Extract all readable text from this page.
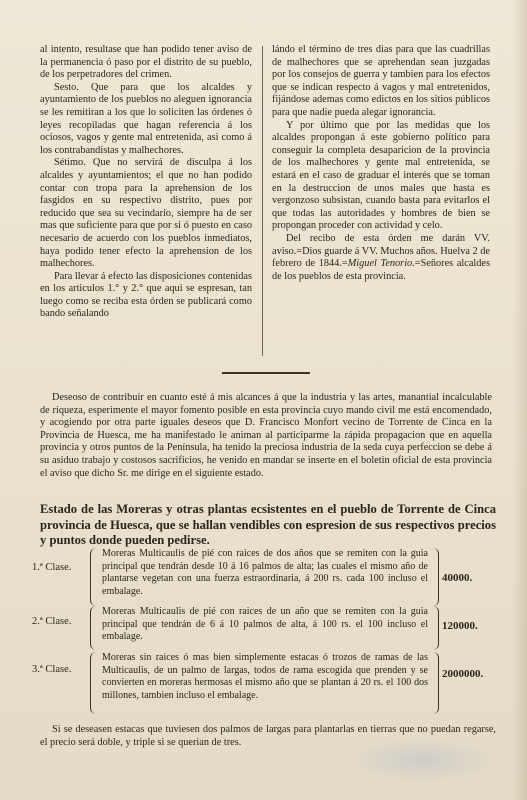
al intento, resultase que han podido tener aviso de la permanencia ó paso por el distrito de su pueblo, de los perpetradores del crimen.

Sesto. Que para que los alcaldes y ayuntamiento de los pueblos no aleguen ignorancia se les remitiran a los que lo soliciten las órdenes ó leyes recopiladas que hagan referencia á los ociosos, vagos y gente mal entretenida, asi como á los contrabandistas y malhechores.

Sétimo. Que no servirá de disculpa á los alcaldes y ayuntamientos; el que no han podido contar con tropa para la aprehension de los fasgidos en su respectivo distrito, pues por reducido que sea su vecindario, siempre ha de ser mas que suficiente para que por si ó puesto en caso necesario de acuerdo con los pueblos inmediatos, haya podido tener efecto la aprehension de los malhechores.

Para llevar á efecto las disposiciones contenidas en los articulos 1.° y 2.° que aqui se espresan, tan luego como se reciba esta órden se publicará como bando señalando

lándo el término de tres dias para que las cuadrillas de malhechores que se aprehendan sean juzgadas por los consejos de guerra y tambien para los efectos que se indican respecto á vagos y mal entretenidos, fijándose ademas como edictos en los sitios públicos para que nadie pueda alegar ignorancia.

Y por último que por las medidas que los alcaldes propongan á este gobierno político para conseguir la completa desaparicion de la provincia de los malhechores y gente mal entretenida, se estará en el caso de graduar el interés que se toman en la destruccion de unos males que hasta es vergonzoso subsistan, cuando basta para evitarlos el que todas las autoridades y hombres de bien se propongan proceder con actividad y celo.

Del recibo de esta órden me darán VV. aviso.=Dios guarde á VV. Muchos años. Huelva 2 de febrero de 1844.=Miguel Tenorio.=Señores alcaldes de los pueblos de esta provincia.

Deseoso de contribuir en cuanto esté á mis alcances á que la industria y las artes, manantial incalculable de riqueza, esperimente el mayor fomento posible en esta provincia cuyo mando civil me está encomendado, y acogiendo por otra parte iguales deseos que D. Francisco Monfort vecino de Torrente de Cinca en la Provincia de Huesca, me ha manifestado le animan al participarme la rápida propagacion que en aquella provincia y otros puntos de la Península, ha tenido la preciosa industria de la seda cuya perfeccion se debe á su asiduo trabajo y costosos sacrificios, he venido en mandar se inserte en el boletin oficial de esta provincia el aviso que dicho Sr. me dirige en el siguiente estado.

Estado de las Moreras y otras plantas ecsistentes en el pueblo de Torrente de Cinca provincia de Huesca, que se hallan vendibles con espresion de sus respectivos precios y puntos donde pueden pedirse.

1.ª Clase.
Moreras Multicaulis de pié con raices de dos años que se remiten con la guia principal que tendrán desde 10 á 16 palmos de alta; las cuales el mismo año de plantarse vegetan con una fuerza estraordinaria, á 200 rs. cada 100 incluso el embalage.
40000.
2.ª Clase.
Moreras Multicaulis de pié con raices de un año que se remiten con la guia principal que tendrán de 6 á 10 palmos de alta, á 100 rs. el 100 incluso el embalage.
120000.
3.ª Clase.
Moreras sin raices ó mas bien simplemente estacas ó trozos de ramas de las Multicaulis, de un palmo de largas, todos de rama escogida que prenden y se convierten en moreras hermosas el mismo año que se plantan á 20 rs. el 100 dos millones, tambien incluso el embalage.
2000000.

Si se deseasen estacas que tuviesen dos palmos de largas para plantarlas en tierras que no puedan regarse, el precio será doble, y triple si se querian de tres.
